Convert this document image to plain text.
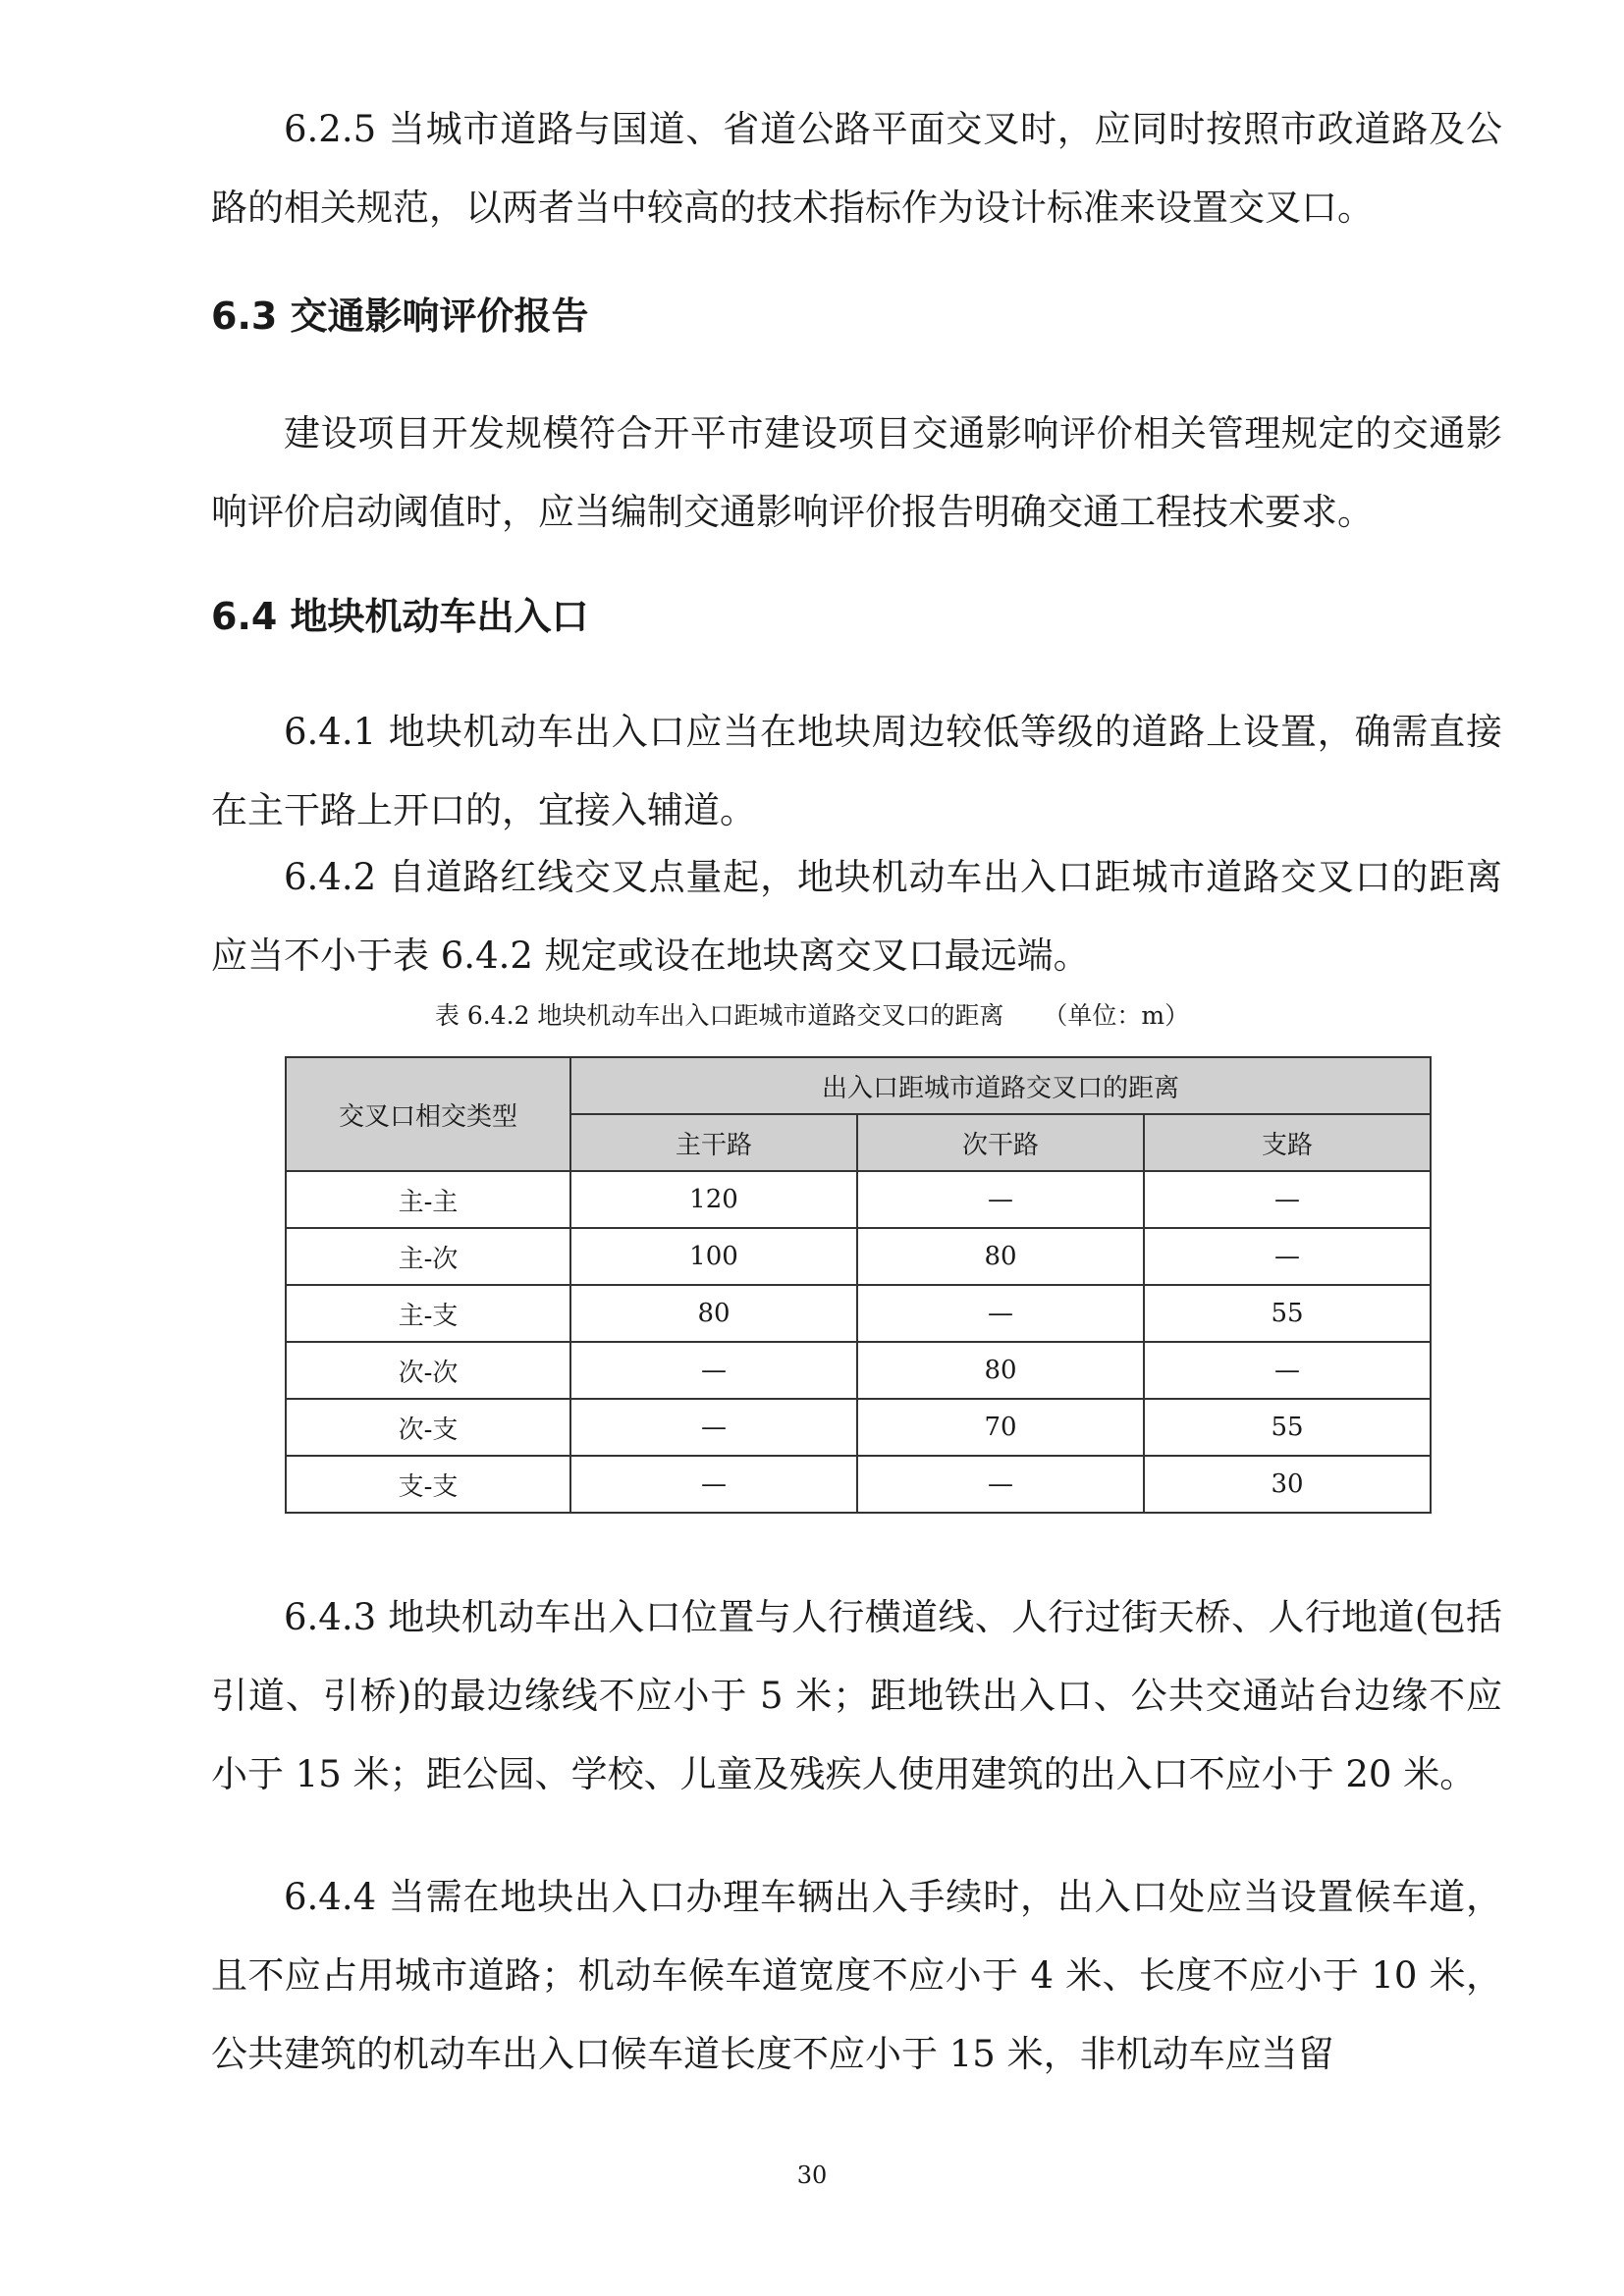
6.2.5 当城市道路与国道、省道公路平面交叉时，应同时按照市政道路及公路的相关规范，以两者当中较高的技术指标作为设计标准来设置交叉口。

6.3 交通影响评价报告

建设项目开发规模符合开平市建设项目交通影响评价相关管理规定的交通影响评价启动阈值时，应当编制交通影响评价报告明确交通工程技术要求。

6.4 地块机动车出入口

6.4.1 地块机动车出入口应当在地块周边较低等级的道路上设置，确需直接在主干路上开口的，宜接入辅道。

6.4.2 自道路红线交叉点量起，地块机动车出入口距城市道路交叉口的距离应当不小于表 6.4.2 规定或设在地块离交叉口最远端。

表 6.4.2 地块机动车出入口距城市道路交叉口的距离 （单位：m）

交叉口相交类型	出入口距城市道路交叉口的距离		
	主干路	次干路	支路
主-主	120	—	—
主-次	100	80	—
主-支	80	—	55
次-次	—	80	—
次-支	—	70	55
支-支	—	—	30

6.4.3 地块机动车出入口位置与人行横道线、人行过街天桥、人行地道(包括引道、引桥)的最边缘线不应小于 5 米；距地铁出入口、公共交通站台边缘不应小于 15 米；距公园、学校、儿童及残疾人使用建筑的出入口不应小于 20 米。

6.4.4 当需在地块出入口办理车辆出入手续时，出入口处应当设置候车道，且不应占用城市道路；机动车候车道宽度不应小于 4 米、长度不应小于 10 米，公共建筑的机动车出入口候车道长度不应小于 15 米，非机动车应当留

30
